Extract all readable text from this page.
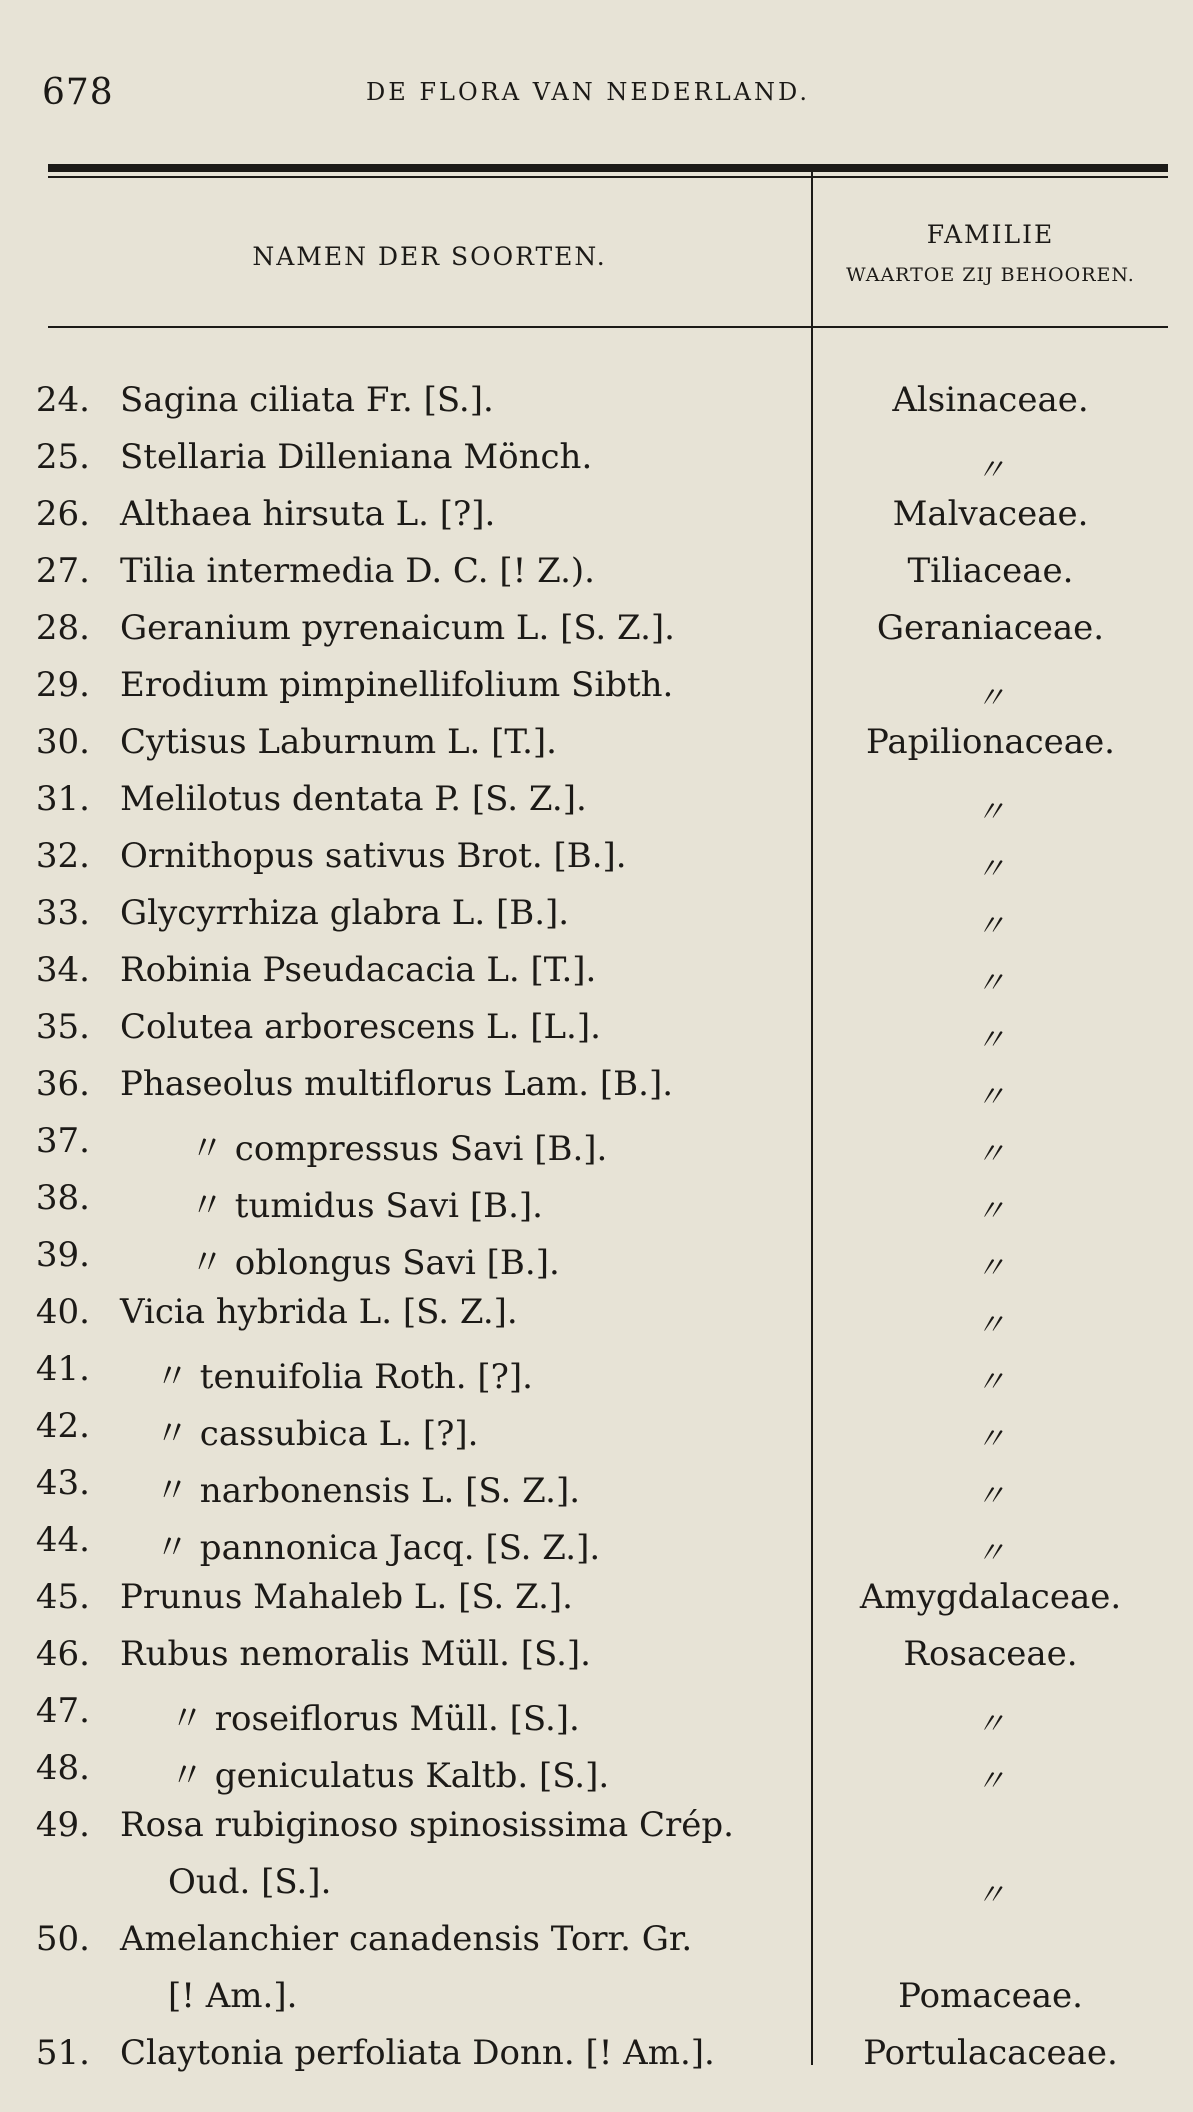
678	DE FLORA VAN NEDERLAND.
NAMEN DER SOORTEN.
FAMILIE
WAARTOE ZIJ BEHOOREN.
24. Sagina ciliata Fr. [S.].	Alsinaceae.
25. Stellaria Dilleniana Mönch.	〃
26. Althaea hirsuta L. [?].	Malvaceae.
27. Tilia intermedia D. C. [! Z.).	Tiliaceae.
28. Geranium pyrenaicum L. [S. Z.].	Geraniaceae.
29. Erodium pimpinellifolium Sibth.	〃
30. Cytisus Laburnum L. [T.].	Papilionaceae.
31. Melilotus dentata P. [S. Z.].	〃
32. Ornithopus sativus Brot. [B.].	〃
33. Glycyrrhiza glabra L. [B.].	〃
34. Robinia Pseudacacia L. [T.].	〃
35. Colutea arborescens L. [L.].	〃
36. Phaseolus multiflorus Lam. [B.].	〃
37.	〃 compressus Savi [B.].	〃
38.	〃 tumidus Savi [B.].	〃
39.	〃 oblongus Savi [B.].	〃
40. Vicia hybrida L. [S. Z.].	〃
41. 〃 tenuifolia Roth. [?].	〃
42. 〃 cassubica L. [?].	〃
43. 〃 narbonensis L. [S. Z.].	〃
44. 〃 pannonica Jacq. [S. Z.].	〃
45. Prunus Mahaleb L. [S. Z.].	Amygdalaceae.
46. Rubus nemoralis Müll. [S.].	Rosaceae.
47. 〃 roseiflorus Müll. [S.].	〃
48. 〃 geniculatus Kaltb. [S.].	〃
49. Rosa rubiginoso spinosissima Crép.
Oud. [S.].	〃
50. Amelanchier canadensis Torr. Gr.
[! Am.].	Pomaceae.
51. Claytonia perfoliata Donn. [! Am.].	Portulacaceae.
